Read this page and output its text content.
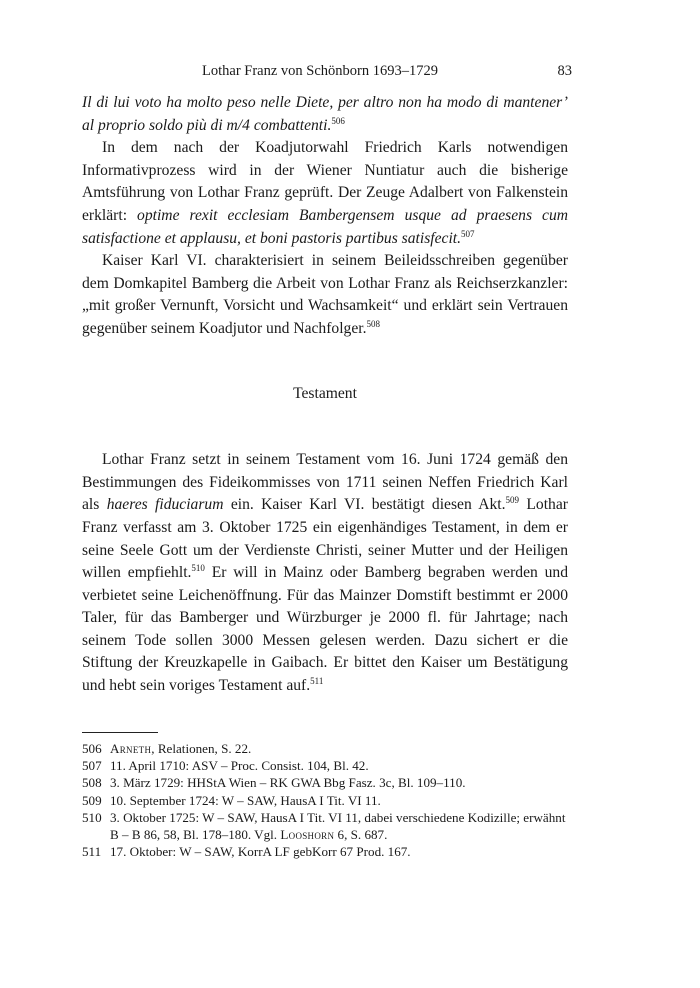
Lothar Franz von Schönborn 1693–1729	83

Il di lui voto ha molto peso nelle Diete, per altro non ha modo di mantener’ al proprio soldo più di m/4 combattenti.$^{506}$

In dem nach der Koadjutorwahl Friedrich Karls notwendigen Informativprozess wird in der Wiener Nuntiatur auch die bisherige Amtsführung von Lothar Franz geprüft. Der Zeuge Adalbert von Falkenstein erklärt: optime rexit ecclesiam Bambergensem usque ad praesens cum satisfactione et applausu, et boni pastoris partibus satisfecit.$^{507}$

Kaiser Karl VI. charakterisiert in seinem Beileidsschreiben gegenüber dem Domkapitel Bamberg die Arbeit von Lothar Franz als Reichserzkanzler: „mit großer Vernunft, Vorsicht und Wachsamkeit“ und erklärt sein Vertrauen gegenüber seinem Koadjutor und Nachfolger.$^{508}$

Testament

Lothar Franz setzt in seinem Testament vom 16. Juni 1724 gemäß den Bestimmungen des Fideikommisses von 1711 seinen Neffen Friedrich Karl als haeres fiduciarum ein. Kaiser Karl VI. bestätigt diesen Akt.$^{509}$ Lothar Franz verfasst am 3. Oktober 1725 ein eigenhändiges Testament, in dem er seine Seele Gott um der Verdienste Christi, seiner Mutter und der Heiligen willen empfiehlt.$^{510}$ Er will in Mainz oder Bamberg begraben werden und verbietet seine Leichenöffnung. Für das Mainzer Domstift bestimmt er 2000 Taler, für das Bamberger und Würzburger je 2000 fl. für Jahrtage; nach seinem Tode sollen 3000 Messen gelesen werden. Dazu sichert er die Stiftung der Kreuzkapelle in Gaibach. Er bittet den Kaiser um Bestätigung und hebt sein voriges Testament auf.$^{511}$

506 Arneth, Relationen, S. 22.
507 11. April 1710: ASV – Proc. Consist. 104, Bl. 42.
508 3. März 1729: HHStA Wien – RK GWA Bbg Fasz. 3c, Bl. 109–110.
509 10. September 1724: W – SAW, HausA I Tit. VI 11.
510 3. Oktober 1725: W – SAW, HausA I Tit. VI 11, dabei verschiedene Kodizille; erwähnt B – B 86, 58, Bl. 178–180. Vgl. Looshorn 6, S. 687.
511 17. Oktober: W – SAW, KorrA LF gebKorr 67 Prod. 167.
